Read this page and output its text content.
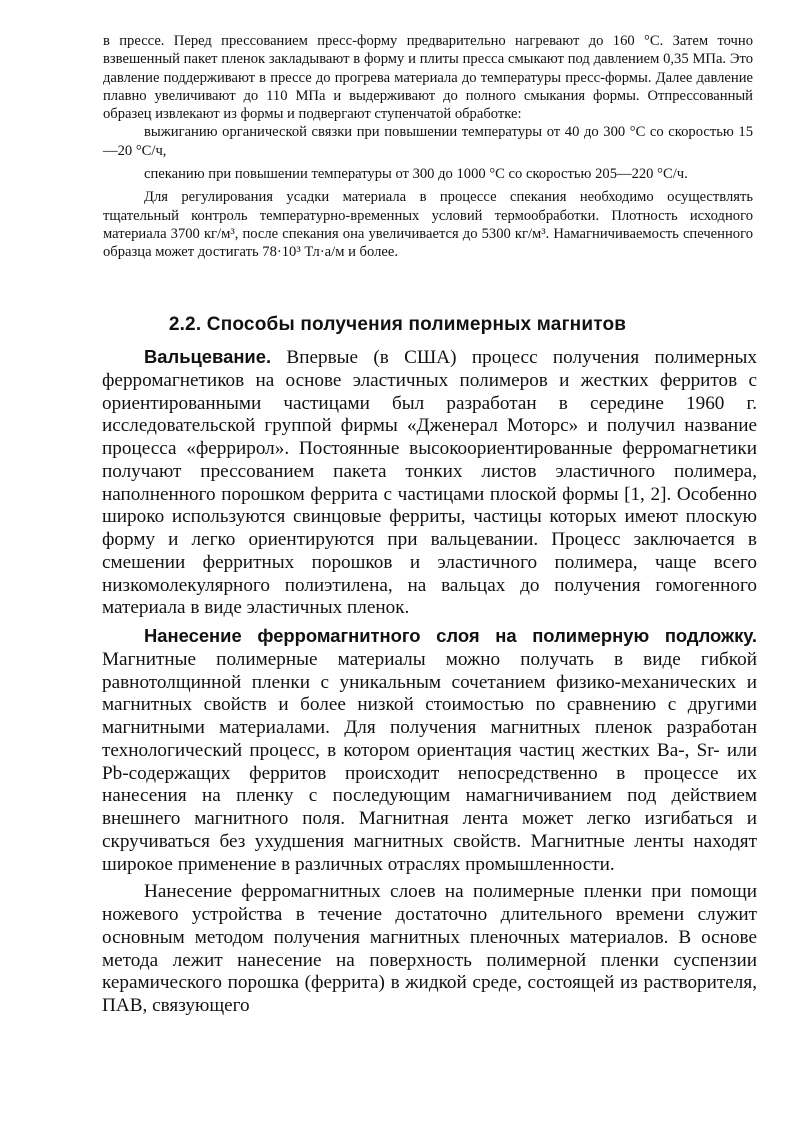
в прессе. Перед прессованием пресс-форму предварительно нагревают до 160 °С. Затем точно взвешенный пакет пленок закладывают в форму и плиты пресса смыкают под давлением 0,35 МПа. Это давление поддерживают в прессе до прогрева материала до температуры пресс-формы. Далее давление плавно увеличивают до 110 МПа и выдерживают до полного смыкания формы. Отпрессованный образец извлекают из формы и подвергают ступенчатой обработке:

выжиганию органической связки при повышении температуры от 40 до 300 °С со скоростью 15—20 °С/ч,

спеканию при повышении температуры от 300 до 1000 °С со скоростью 205—220 °С/ч.

Для регулирования усадки материала в процессе спекания необходимо осуществлять тщательный контроль температурно-временных условий термообработки. Плотность исходного материала 3700 кг/м³, после спекания она увеличивается до 5300 кг/м³. Намагничиваемость спеченного образца может достигать 78·10³ Тл·а/м и более.

2.2. Способы получения полимерных магнитов

Вальцевание. Впервые (в США) процесс получения полимерных ферромагнетиков на основе эластичных полимеров и жестких ферритов с ориентированными частицами был разработан в середине 1960 г. исследовательской группой фирмы «Дженерал Моторс» и получил название процесса «феррирол». Постоянные высокоориентированные ферромагнетики получают прессованием пакета тонких листов эластичного полимера, наполненного порошком феррита с частицами плоской формы [1, 2]. Особенно широко используются свинцовые ферриты, частицы которых имеют плоскую форму и легко ориентируются при вальцевании. Процесс заключается в смешении ферритных порошков и эластичного полимера, чаще всего низкомолекулярного полиэтилена, на вальцах до получения гомогенного материала в виде эластичных пленок.

Нанесение ферромагнитного слоя на полимерную подложку. Магнитные полимерные материалы можно получать в виде гибкой равнотолщинной пленки с уникальным сочетанием физико-механических и магнитных свойств и более низкой стоимостью по сравнению с другими магнитными материалами. Для получения магнитных пленок разработан технологический процесс, в котором ориентация частиц жестких Ba-, Sr- или Pb-содержащих ферритов происходит непосредственно в процессе их нанесения на пленку с последующим намагничиванием под действием внешнего магнитного поля. Магнитная лента может легко изгибаться и скручиваться без ухудшения магнитных свойств. Магнитные ленты находят широкое применение в различных отраслях промышленности.

Нанесение ферромагнитных слоев на полимерные пленки при помощи ножевого устройства в течение достаточно длительного времени служит основным методом получения магнитных пленочных материалов. В основе метода лежит нанесение на поверхность полимерной пленки суспензии керамического порошка (феррита) в жидкой среде, состоящей из растворителя, ПАВ, связующего
